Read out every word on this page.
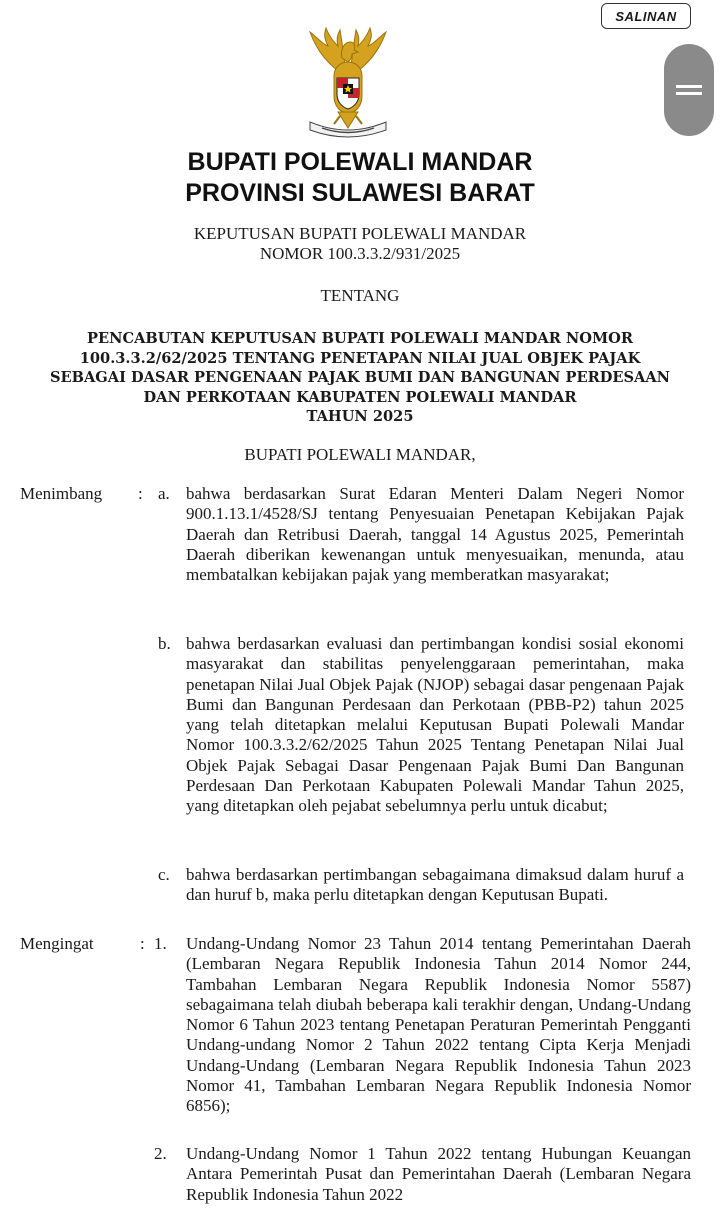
SALINAN
BUPATI POLEWALI MANDAR
PROVINSI SULAWESI BARAT
KEPUTUSAN BUPATI POLEWALI MANDAR
NOMOR 100.3.3.2/931/2025
TENTANG
PENCABUTAN KEPUTUSAN BUPATI POLEWALI MANDAR NOMOR
100.3.3.2/62/2025 TENTANG PENETAPAN NILAI JUAL OBJEK PAJAK
SEBAGAI DASAR PENGENAAN PAJAK BUMI DAN BANGUNAN PERDESAAN
DAN PERKOTAAN KABUPATEN POLEWALI MANDAR
TAHUN 2025
BUPATI POLEWALI MANDAR,
Menimbang : a. bahwa berdasarkan Surat Edaran Menteri Dalam Negeri Nomor 900.1.13.1/4528/SJ tentang Penyesuaian Penetapan Kebijakan Pajak Daerah dan Retribusi Daerah, tanggal 14 Agustus 2025, Pemerintah Daerah diberikan kewenangan untuk menyesuaikan, menunda, atau membatalkan kebijakan pajak yang memberatkan masyarakat;

b. bahwa berdasarkan evaluasi dan pertimbangan kondisi sosial ekonomi masyarakat dan stabilitas penyelenggaraan pemerintahan, maka penetapan Nilai Jual Objek Pajak (NJOP) sebagai dasar pengenaan Pajak Bumi dan Bangunan Perdesaan dan Perkotaan (PBB-P2) tahun 2025 yang telah ditetapkan melalui Keputusan Bupati Polewali Mandar Nomor 100.3.3.2/62/2025 Tahun 2025 Tentang Penetapan Nilai Jual Objek Pajak Sebagai Dasar Pengenaan Pajak Bumi Dan Bangunan Perdesaan Dan Perkotaan Kabupaten Polewali Mandar Tahun 2025, yang ditetapkan oleh pejabat sebelumnya perlu untuk dicabut;

c. bahwa berdasarkan pertimbangan sebagaimana dimaksud dalam huruf a dan huruf b, maka perlu ditetapkan dengan Keputusan Bupati.

Mengingat	: 1. Undang-Undang Nomor 23 Tahun 2014 tentang Pemerintahan Daerah (Lembaran Negara Republik Indonesia Tahun 2014 Nomor 244, Tambahan Lembaran Negara Republik Indonesia Nomor 5587) sebagaimana telah diubah beberapa kali terakhir dengan, Undang-Undang Nomor 6 Tahun 2023 tentang Penetapan Peraturan Pemerintah Pengganti Undang-undang Nomor 2 Tahun 2022 tentang Cipta Kerja Menjadi Undang-Undang (Lembaran Negara Republik Indonesia Tahun 2023 Nomor 41, Tambahan Lembaran Negara Republik Indonesia Nomor 6856);

2. Undang-Undang Nomor 1 Tahun 2022 tentang Hubungan Keuangan Antara Pemerintah Pusat dan Pemerintahan Daerah (Lembaran Negara Republik Indonesia Tahun 2022
